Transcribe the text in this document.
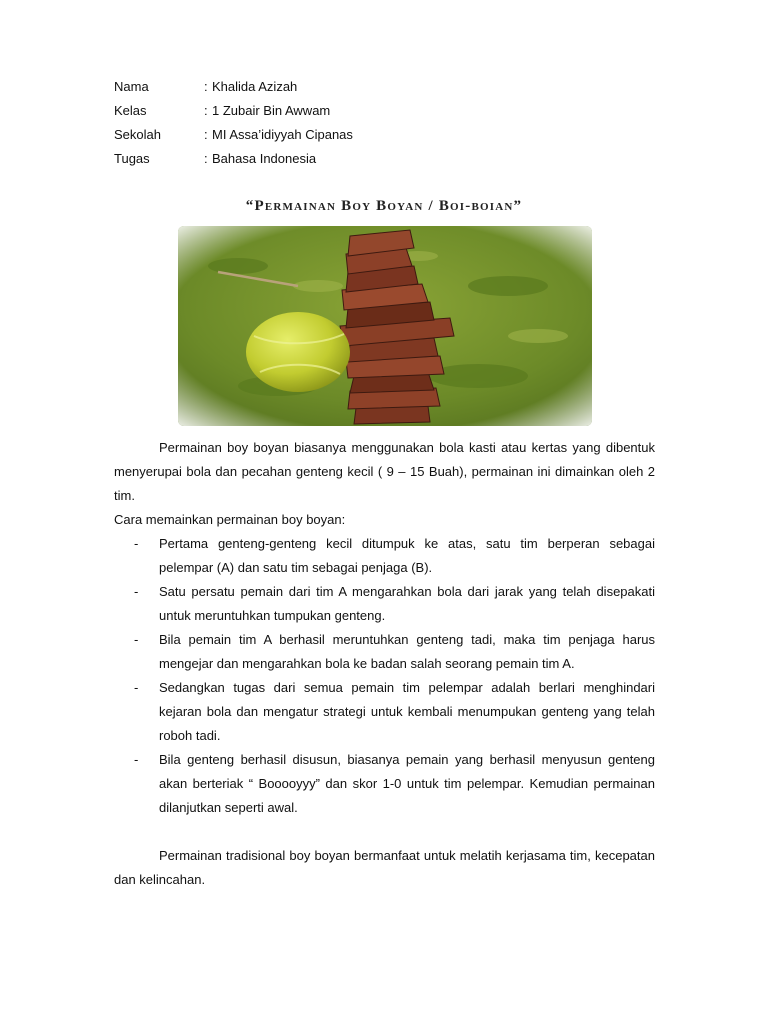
Nama	: Khalida Azizah
Kelas	: 1 Zubair Bin Awwam
Sekolah	: MI Assa’idiyyah Cipanas
Tugas	: Bahasa Indonesia
“Permainan Boy Boyan / Boi-boian”

Permainan boy boyan biasanya menggunakan bola kasti atau kertas yang dibentuk menyerupai bola dan pecahan genteng kecil ( 9 – 15 Buah), permainan ini dimainkan oleh 2 tim.

Cara memainkan permainan boy boyan:

- Pertama genteng-genteng kecil ditumpuk ke atas, satu tim berperan sebagai pelempar (A) dan satu tim sebagai penjaga (B).
- Satu persatu pemain dari tim A mengarahkan bola dari jarak yang telah disepakati untuk meruntuhkan tumpukan genteng.
- Bila pemain tim A berhasil meruntuhkan genteng tadi, maka tim penjaga harus mengejar dan mengarahkan bola ke badan salah seorang pemain tim A.
- Sedangkan tugas dari semua pemain tim pelempar adalah berlari menghindari kejaran bola dan mengatur strategi untuk kembali menumpukan genteng yang telah roboh tadi.
- Bila genteng berhasil disusun, biasanya pemain yang berhasil menyusun genteng akan berteriak “ Booooyyy” dan skor 1-0 untuk tim pelempar. Kemudian permainan dilanjutkan seperti awal.

Permainan tradisional boy boyan bermanfaat untuk melatih kerjasama tim, kecepatan dan kelincahan.
